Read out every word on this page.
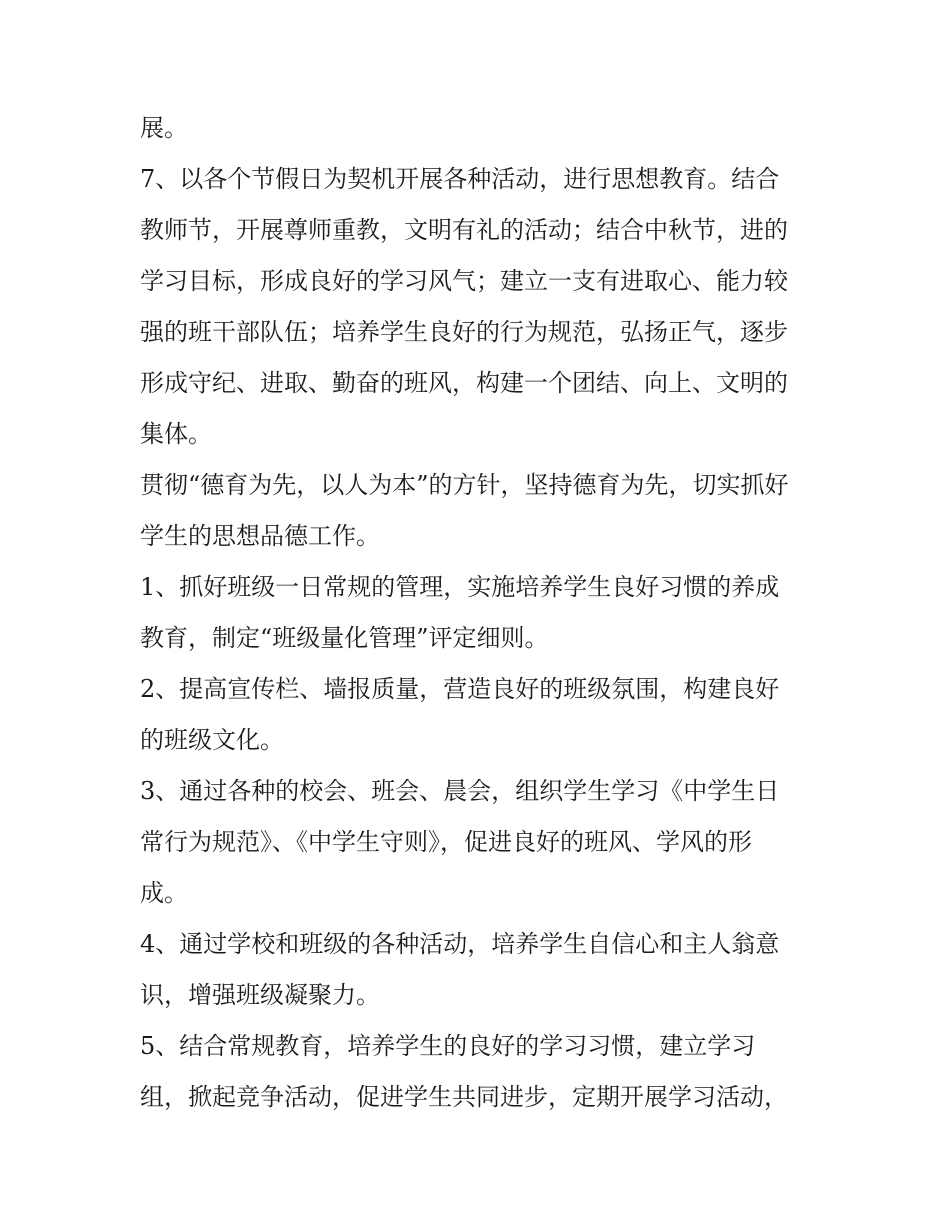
展。
7、以各个节假日为契机开展各种活动，进行思想教育。结合
教师节，开展尊师重教，文明有礼的活动；结合中秋节，进的
学习目标，形成良好的学习风气；建立一支有进取心、能力较
强的班干部队伍；培养学生良好的行为规范，弘扬正气，逐步
形成守纪、进取、勤奋的班风，构建一个团结、向上、文明的
集体。
贯彻“德育为先，以人为本”的方针，坚持德育为先，切实抓好
学生的思想品德工作。
1、抓好班级一日常规的管理，实施培养学生良好习惯的养成
教育，制定“班级量化管理”评定细则。
2、提高宣传栏、墙报质量，营造良好的班级氛围，构建良好
的班级文化。
3、通过各种的校会、班会、晨会，组织学生学习《中学生日
常行为规范》、《中学生守则》，促进良好的班风、学风的形
成。
4、通过学校和班级的各种活动，培养学生自信心和主人翁意
识，增强班级凝聚力。
5、结合常规教育，培养学生的良好的学习习惯，建立学习
组，掀起竞争活动，促进学生共同进步，定期开展学习活动，
